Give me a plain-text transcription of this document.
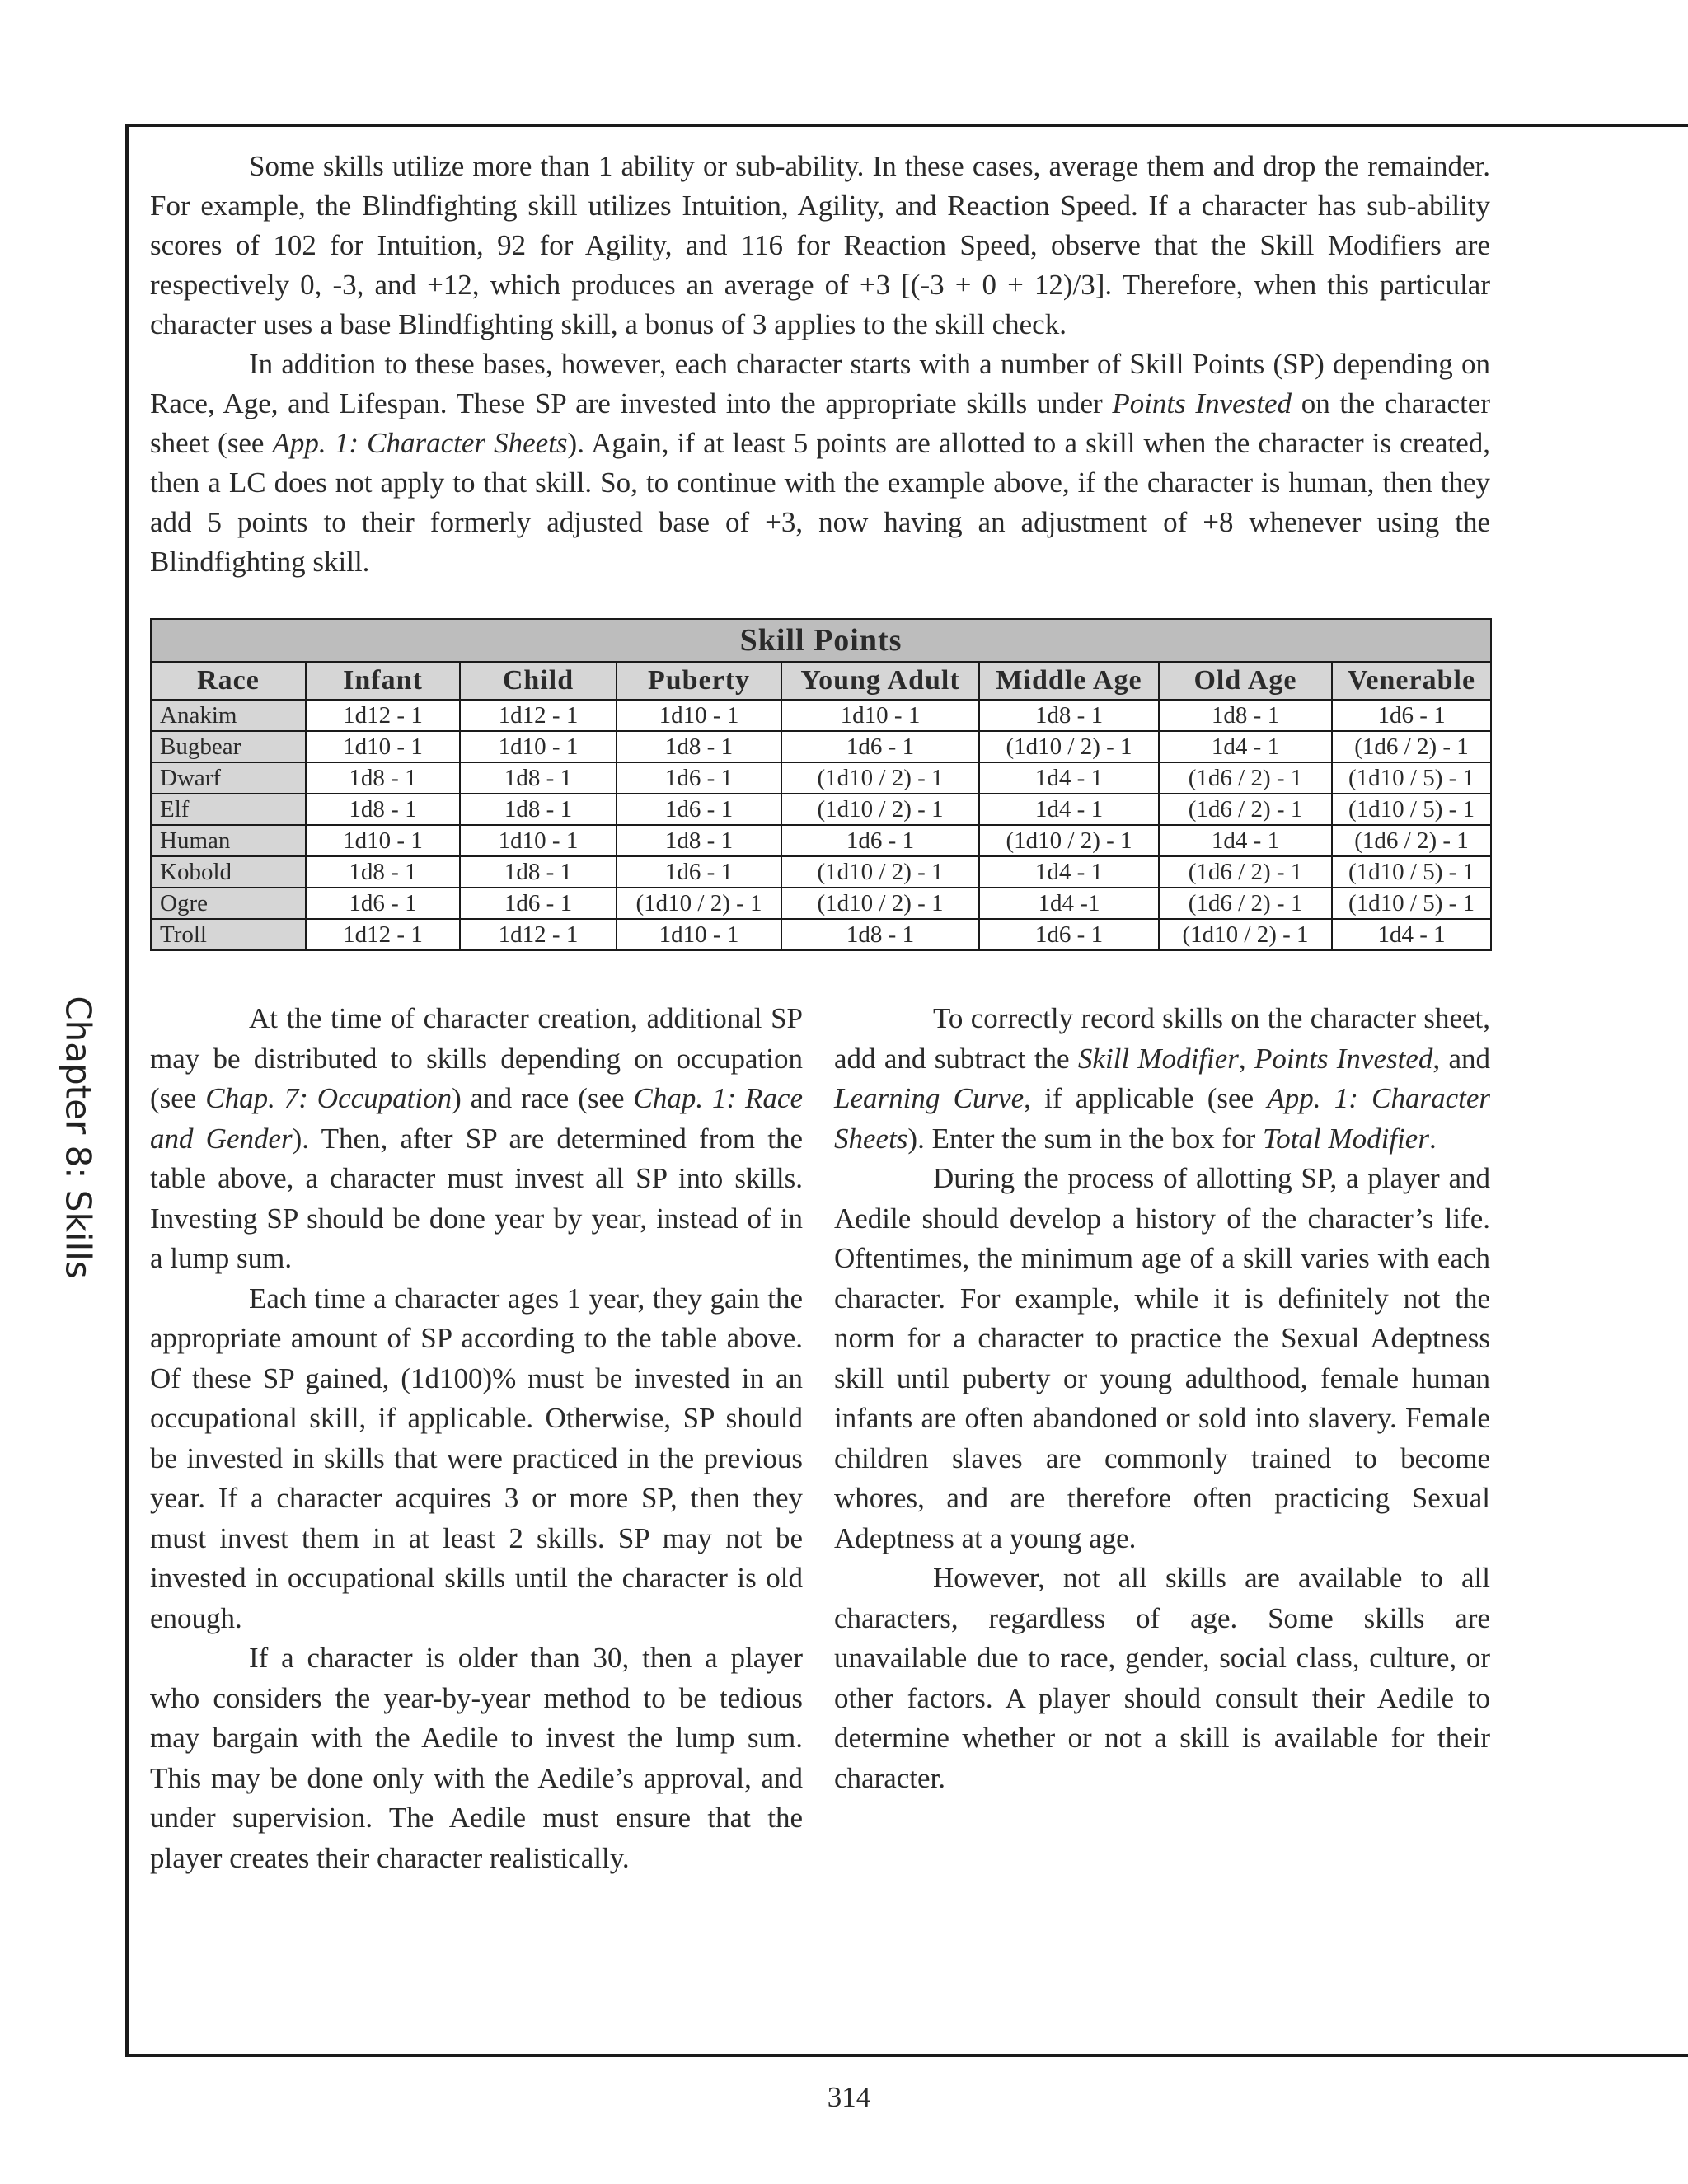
Chapter 8: Skills

Some skills utilize more than 1 ability or sub-ability. In these cases, average them and drop the remainder. For example, the Blindfighting skill utilizes Intuition, Agility, and Reaction Speed. If a character has sub-ability scores of 102 for Intuition, 92 for Agility, and 116 for Reaction Speed, observe that the Skill Modifiers are respectively 0, -3, and +12, which produces an average of +3 [(-3 + 0 + 12)/3]. Therefore, when this particular character uses a base Blindfighting skill, a bonus of 3 applies to the skill check.

In addition to these bases, however, each character starts with a number of Skill Points (SP) depending on Race, Age, and Lifespan. These SP are invested into the appropriate skills under Points Invested on the character sheet (see App. 1: Character Sheets). Again, if at least 5 points are allotted to a skill when the character is created, then a LC does not apply to that skill. So, to continue with the example above, if the character is human, then they add 5 points to their formerly adjusted base of +3, now having an adjustment of +8 whenever using the Blindfighting skill.

Skill Points							
Race	Infant	Child	Puberty	Young Adult	Middle Age	Old Age	Venerable
Anakim	1d12 - 1	1d12 - 1	1d10 - 1	1d10 - 1	1d8 - 1	1d8 - 1	1d6 - 1
Bugbear	1d10 - 1	1d10 - 1	1d8 - 1	1d6 - 1	(1d10 / 2) - 1	1d4 - 1	(1d6 / 2) - 1
Dwarf	1d8 - 1	1d8 - 1	1d6 - 1	(1d10 / 2) - 1	1d4 - 1	(1d6 / 2) - 1	(1d10 / 5) - 1
Elf	1d8 - 1	1d8 - 1	1d6 - 1	(1d10 / 2) - 1	1d4 - 1	(1d6 / 2) - 1	(1d10 / 5) - 1
Human	1d10 - 1	1d10 - 1	1d8 - 1	1d6 - 1	(1d10 / 2) - 1	1d4 - 1	(1d6 / 2) - 1
Kobold	1d8 - 1	1d8 - 1	1d6 - 1	(1d10 / 2) - 1	1d4 - 1	(1d6 / 2) - 1	(1d10 / 5) - 1
Ogre	1d6 - 1	1d6 - 1	(1d10 / 2) - 1	(1d10 / 2) - 1	1d4 -1	(1d6 / 2) - 1	(1d10 / 5) - 1
Troll	1d12 - 1	1d12 - 1	1d10 - 1	1d8 - 1	1d6 - 1	(1d10 / 2) - 1	1d4 - 1

At the time of character creation, additional SP may be distributed to skills depending on occupation (see Chap. 7: Occupation) and race (see Chap. 1: Race and Gender). Then, after SP are determined from the table above, a character must invest all SP into skills. Investing SP should be done year by year, instead of in a lump sum.

Each time a character ages 1 year, they gain the appropriate amount of SP according to the table above. Of these SP gained, (1d100)% must be invested in an occupational skill, if applicable. Otherwise, SP should be invested in skills that were practiced in the previous year. If a character acquires 3 or more SP, then they must invest them in at least 2 skills. SP may not be invested in occupational skills until the character is old enough.

If a character is older than 30, then a player who considers the year-by-year method to be tedious may bargain with the Aedile to invest the lump sum. This may be done only with the Aedile’s approval, and under supervision. The Aedile must ensure that the player creates their character realistically.

To correctly record skills on the character sheet, add and subtract the Skill Modifier, Points Invested, and Learning Curve, if applicable (see App. 1: Character Sheets). Enter the sum in the box for Total Modifier.

During the process of allotting SP, a player and Aedile should develop a history of the character’s life. Oftentimes, the minimum age of a skill varies with each character. For example, while it is definitely not the norm for a character to practice the Sexual Adeptness skill until puberty or young adulthood, female human infants are often abandoned or sold into slavery. Female children slaves are commonly trained to become whores, and are therefore often practicing Sexual Adeptness at a young age.

However, not all skills are available to all characters, regardless of age. Some skills are unavailable due to race, gender, social class, culture, or other factors. A player should consult their Aedile to determine whether or not a skill is available for their character.

314
